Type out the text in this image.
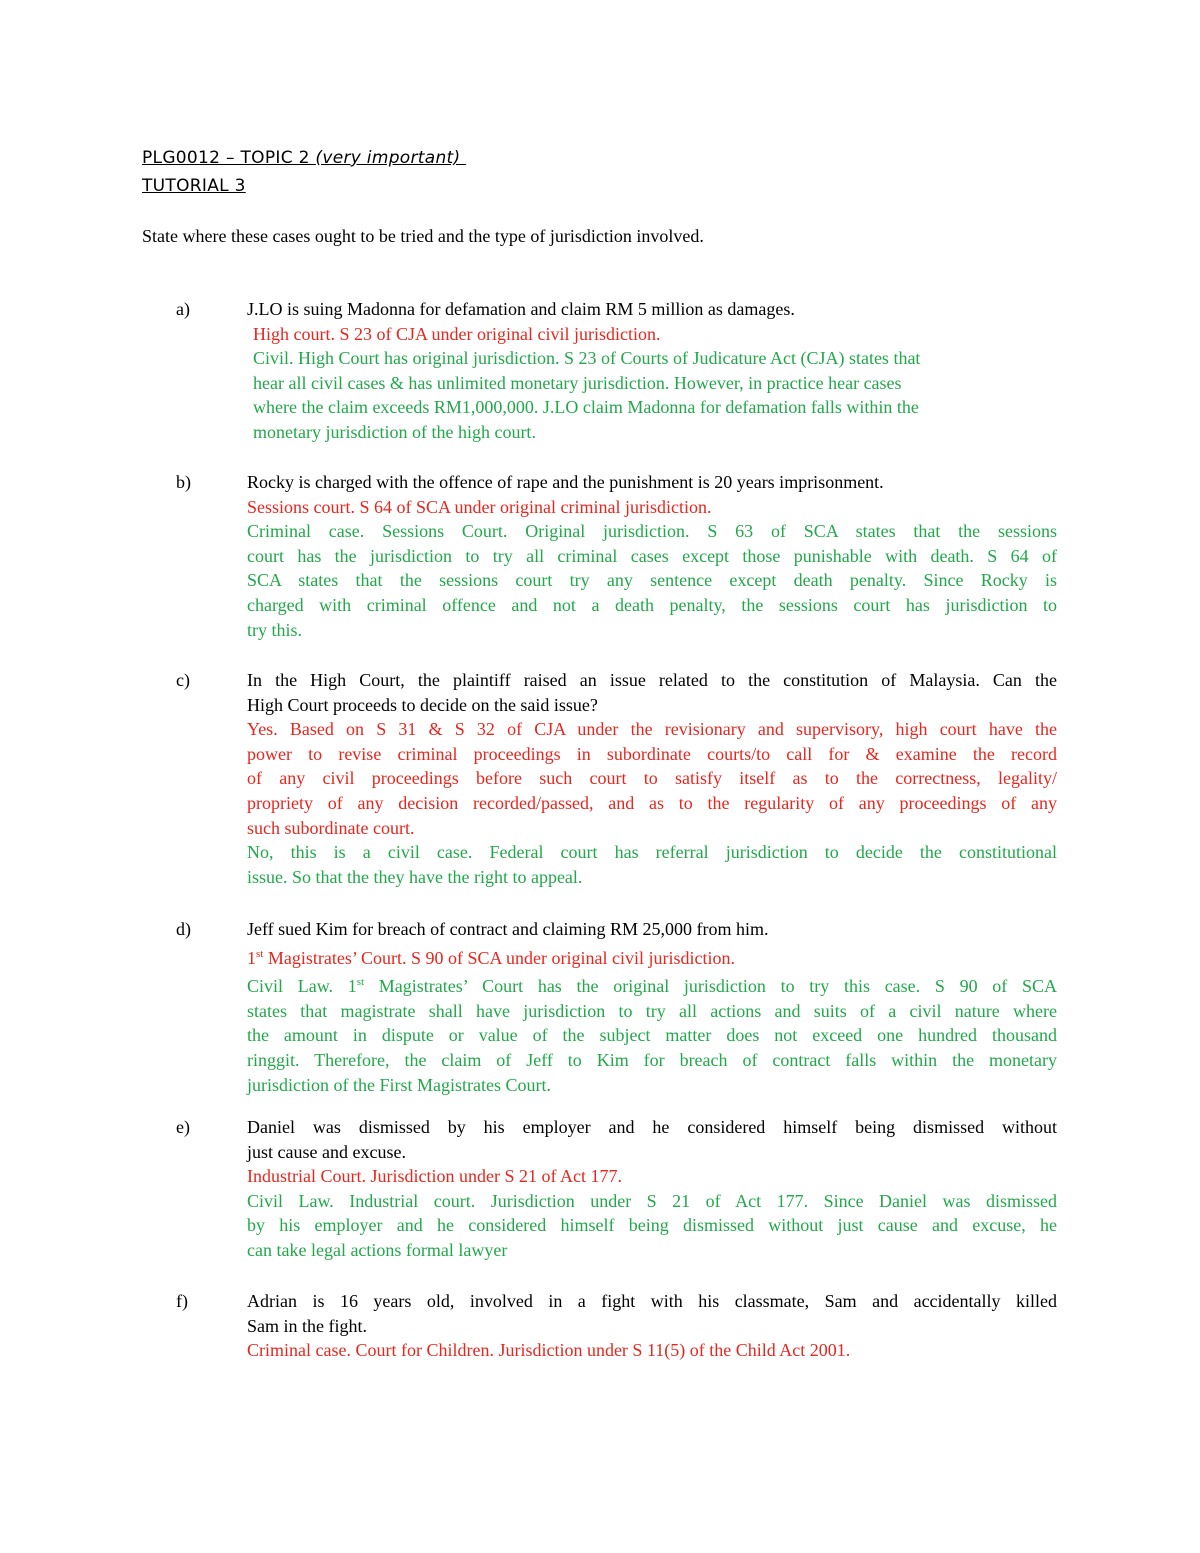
PLG0012 – TOPIC 2 (very important)
TUTORIAL 3
State where these cases ought to be tried and the type of jurisdiction involved.
a)	J.LO is suing Madonna for defamation and claim RM 5 million as damages.
High court. S 23 of CJA under original civil jurisdiction.
Civil. High Court has original jurisdiction. S 23 of Courts of Judicature Act (CJA) states that
hear all civil cases & has unlimited monetary jurisdiction. However, in practice hear cases
where the claim exceeds RM1,000,000. J.LO claim Madonna for defamation falls within the
monetary jurisdiction of the high court.
b)	Rocky is charged with the offence of rape and the punishment is 20 years imprisonment.
Sessions court. S 64 of SCA under original criminal jurisdiction.
Criminal case. Sessions Court. Original jurisdiction. S 63 of SCA states that the sessions
court has the jurisdiction to try all criminal cases except those punishable with death. S 64 of
SCA states that the sessions court try any sentence except death penalty. Since Rocky is
charged with criminal offence and not a death penalty, the sessions court has jurisdiction to
try this.
c)	In the High Court, the plaintiff raised an issue related to the constitution of Malaysia. Can the
High Court proceeds to decide on the said issue?
Yes. Based on S 31 & S 32 of CJA under the revisionary and supervisory, high court have the
power to revise criminal proceedings in subordinate courts/to call for & examine the record
of any civil proceedings before such court to satisfy itself as to the correctness, legality/
propriety of any decision recorded/passed, and as to the regularity of any proceedings of any
such subordinate court.
No, this is a civil case. Federal court has referral jurisdiction to decide the constitutional
issue. So that the they have the right to appeal.
d)	Jeff sued Kim for breach of contract and claiming RM 25,000 from him.
1st Magistrates’ Court. S 90 of SCA under original civil jurisdiction.
Civil Law. 1st Magistrates’ Court has the original jurisdiction to try this case. S 90 of SCA
states that magistrate shall have jurisdiction to try all actions and suits of a civil nature where
the amount in dispute or value of the subject matter does not exceed one hundred thousand
ringgit. Therefore, the claim of Jeff to Kim for breach of contract falls within the monetary
jurisdiction of the First Magistrates Court.
e)	Daniel was dismissed by his employer and he considered himself being dismissed without
just cause and excuse.
Industrial Court. Jurisdiction under S 21 of Act 177.
Civil Law. Industrial court. Jurisdiction under S 21 of Act 177. Since Daniel was dismissed
by his employer and he considered himself being dismissed without just cause and excuse, he
can take legal actions formal lawyer
f)	Adrian is 16 years old, involved in a fight with his classmate, Sam and accidentally killed
Sam in the fight.
Criminal case. Court for Children. Jurisdiction under S 11(5) of the Child Act 2001.
